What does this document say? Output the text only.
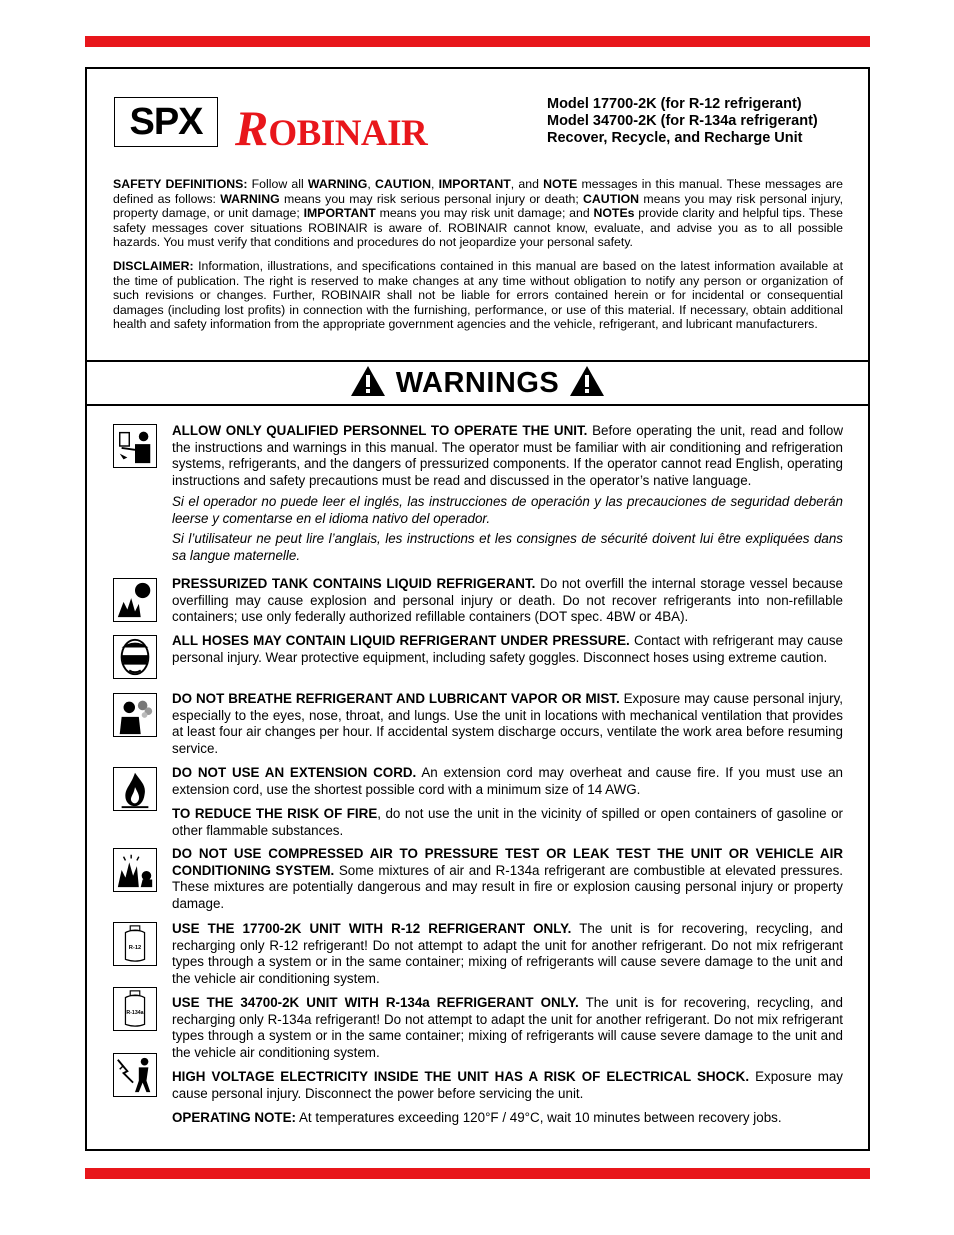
SPX ROBINAIR
Model 17700-2K (for R-12 refrigerant)
Model 34700-2K (for R-134a refrigerant)
Recover, Recycle, and Recharge Unit
SAFETY DEFINITIONS: Follow all WARNING, CAUTION, IMPORTANT, and NOTE messages in this manual. These messages are defined as follows: WARNING means you may risk serious personal injury or death; CAUTION means you may risk personal injury, property damage, or unit damage; IMPORTANT means you may risk unit damage; and NOTEs provide clarity and helpful tips. These safety messages cover situations ROBINAIR is aware of. ROBINAIR cannot know, evaluate, and advise you as to all possible hazards. You must verify that conditions and procedures do not jeopardize your personal safety.
DISCLAIMER: Information, illustrations, and specifications contained in this manual are based on the latest information available at the time of publication. The right is reserved to make changes at any time without obligation to notify any person or organization of such revisions or changes. Further, ROBINAIR shall not be liable for errors contained herein or for incidental or consequential damages (including lost profits) in connection with the furnishing, performance, or use of this material. If necessary, obtain additional health and safety information from the appropriate government agencies and the vehicle, refrigerant, and lubricant manufacturers.
WARNINGS
R-12
R-134a
ALLOW ONLY QUALIFIED PERSONNEL TO OPERATE THE UNIT. Before operating the unit, read and follow the instructions and warnings in this manual. The operator must be familiar with air conditioning and refrigeration systems, refrigerants, and the dangers of pressurized components. If the operator cannot read English, operating instructions and safety precautions must be read and discussed in the operator’s native language.
Si el operador no puede leer el inglés, las instrucciones de operación y las precauciones de seguridad deberán leerse y comentarse en el idioma nativo del operador.
Si l’utilisateur ne peut lire l’anglais, les instructions et les consignes de sécurité doivent lui être expliquées dans sa langue maternelle.
PRESSURIZED TANK CONTAINS LIQUID REFRIGERANT. Do not overfill the internal storage vessel because overfilling may cause explosion and personal injury or death. Do not recover refrigerants into non-refillable containers; use only federally authorized refillable containers (DOT spec. 4BW or 4BA).
ALL HOSES MAY CONTAIN LIQUID REFRIGERANT UNDER PRESSURE. Contact with refrigerant may cause personal injury. Wear protective equipment, including safety goggles. Disconnect hoses using extreme caution.
DO NOT BREATHE REFRIGERANT AND LUBRICANT VAPOR OR MIST. Exposure may cause personal injury, especially to the eyes, nose, throat, and lungs. Use the unit in locations with mechanical ventilation that provides at least four air changes per hour. If accidental system discharge occurs, ventilate the work area before resuming service.
DO NOT USE AN EXTENSION CORD. An extension cord may overheat and cause fire. If you must use an extension cord, use the shortest possible cord with a minimum size of 14 AWG.
TO REDUCE THE RISK OF FIRE, do not use the unit in the vicinity of spilled or open containers of gasoline or other flammable substances.
DO NOT USE COMPRESSED AIR TO PRESSURE TEST OR LEAK TEST THE UNIT OR VEHICLE AIR CONDITIONING SYSTEM. Some mixtures of air and R-134a refrigerant are combustible at elevated pressures. These mixtures are potentially dangerous and may result in fire or explosion causing personal injury or property damage.
USE THE 17700-2K UNIT WITH R-12 REFRIGERANT ONLY. The unit is for recovering, recycling, and recharging only R-12 refrigerant! Do not attempt to adapt the unit for another refrigerant. Do not mix refrigerant types through a system or in the same container; mixing of refrigerants will cause severe damage to the unit and the vehicle air conditioning system.
USE THE 34700-2K UNIT WITH R-134a REFRIGERANT ONLY. The unit is for recovering, recycling, and recharging only R-134a refrigerant! Do not attempt to adapt the unit for another refrigerant. Do not mix refrigerant types through a system or in the same container; mixing of refrigerants will cause severe damage to the unit and the vehicle air conditioning system.
HIGH VOLTAGE ELECTRICITY INSIDE THE UNIT HAS A RISK OF ELECTRICAL SHOCK. Exposure may cause personal injury. Disconnect the power before servicing the unit.
OPERATING NOTE: At temperatures exceeding 120°F / 49°C, wait 10 minutes between recovery jobs.
